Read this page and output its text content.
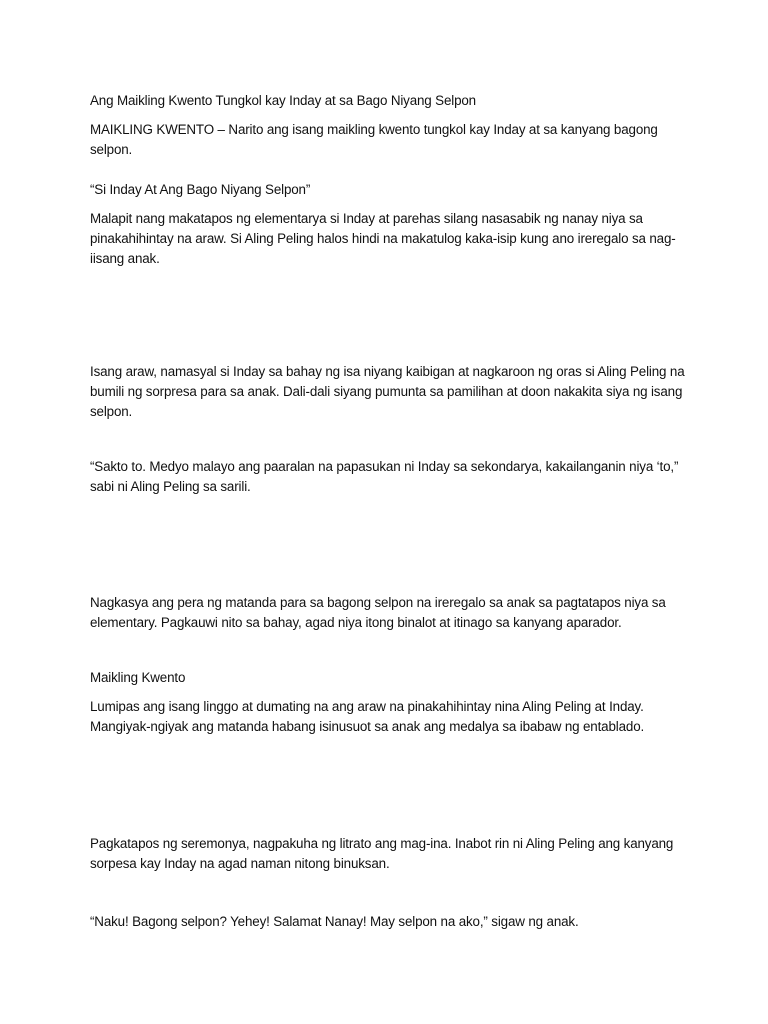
Ang Maikling Kwento Tungkol kay Inday at sa Bago Niyang Selpon

MAIKLING KWENTO – Narito ang isang maikling kwento tungkol kay Inday at sa kanyang bagong selpon.

“Si Inday At Ang Bago Niyang Selpon”

Malapit nang makatapos ng elementarya si Inday at parehas silang nasasabik ng nanay niya sa pinakahihintay na araw. Si Aling Peling halos hindi na makatulog kaka-isip kung ano ireregalo sa nag-iisang anak.

Isang araw, namasyal si Inday sa bahay ng isa niyang kaibigan at nagkaroon ng oras si Aling Peling na bumili ng sorpresa para sa anak. Dali-dali siyang pumunta sa pamilihan at doon nakakita siya ng isang selpon.

“Sakto to. Medyo malayo ang paaralan na papasukan ni Inday sa sekondarya, kakailanganin niya ‘to,” sabi ni Aling Peling sa sarili.

Nagkasya ang pera ng matanda para sa bagong selpon na ireregalo sa anak sa pagtatapos niya sa elementary. Pagkauwi nito sa bahay, agad niya itong binalot at itinago sa kanyang aparador.

Maikling Kwento

Lumipas ang isang linggo at dumating na ang araw na pinakahihintay nina Aling Peling at Inday. Mangiyak-ngiyak ang matanda habang isinusuot sa anak ang medalya sa ibabaw ng entablado.

Pagkatapos ng seremonya, nagpakuha ng litrato ang mag-ina. Inabot rin ni Aling Peling ang kanyang sorpesa kay Inday na agad naman nitong binuksan.

“Naku! Bagong selpon? Yehey! Salamat Nanay! May selpon na ako,” sigaw ng anak.
